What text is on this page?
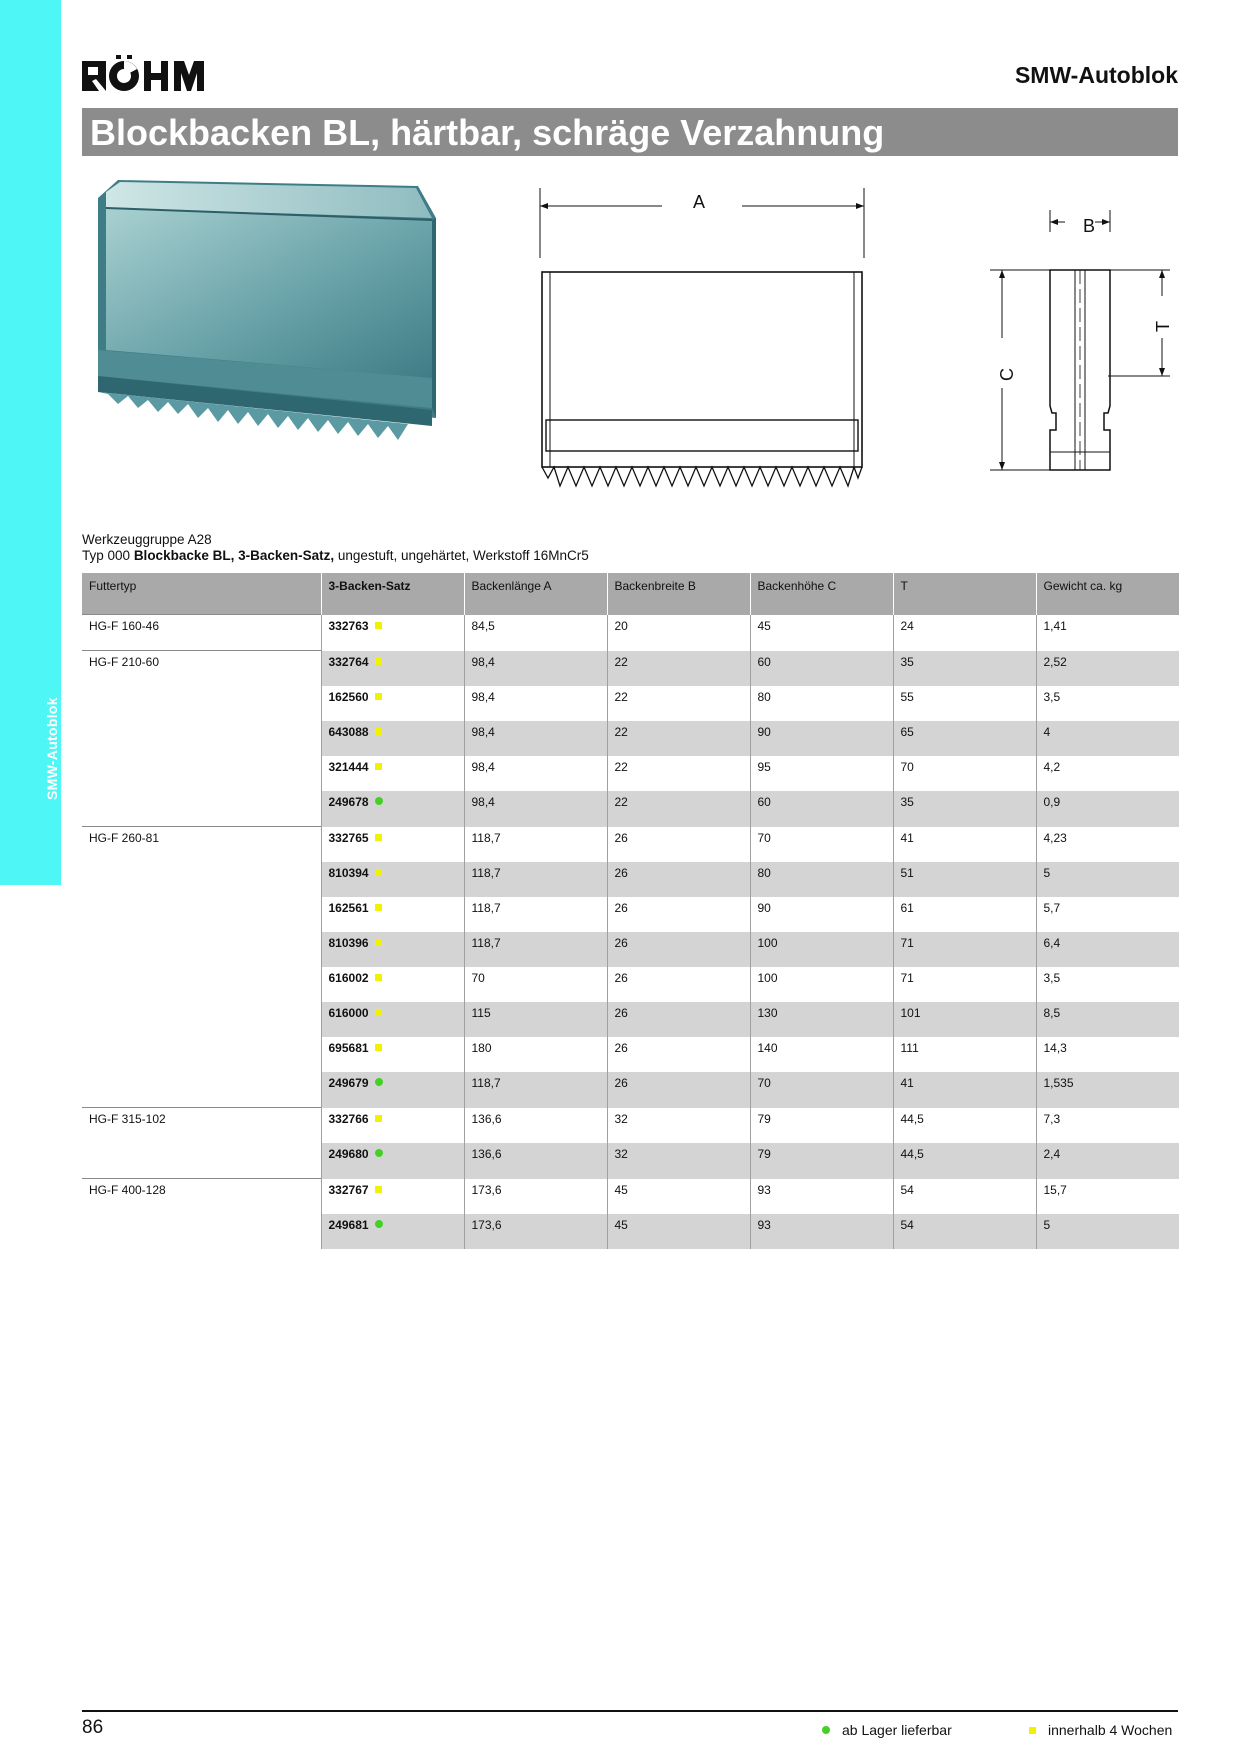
SMW-Autoblok
SMW-Autoblok
Blockbacken BL, härtbar, schräge Verzahnung
A
B
C
T
Werkzeuggruppe A28
Typ 000 Blockbacke BL, 3-Backen-Satz, ungestuft, ungehärtet, Werkstoff 16MnCr5
Futtertyp	3-Backen-Satz	Backenlänge A	Backenbreite B	Backenhöhe C	T	Gewicht ca. kg
HG-F 160-46	332763	84,5	20	45	24	1,41
HG-F 210-60	332764	98,4	22	60	35	2,52
	162560	98,4	22	80	55	3,5
	643088	98,4	22	90	65	4
	321444	98,4	22	95	70	4,2
	249678	98,4	22	60	35	0,9
HG-F 260-81	332765	118,7	26	70	41	4,23
	810394	118,7	26	80	51	5
	162561	118,7	26	90	61	5,7
	810396	118,7	26	100	71	6,4
	616002	70	26	100	71	3,5
	616000	115	26	130	101	8,5
	695681	180	26	140	111	14,3
	249679	118,7	26	70	41	1,535
HG-F 315-102	332766	136,6	32	79	44,5	7,3
	249680	136,6	32	79	44,5	2,4
HG-F 400-128	332767	173,6	45	93	54	15,7
	249681	173,6	45	93	54	5
86	ab Lager lieferbar	innerhalb 4 Wochen
